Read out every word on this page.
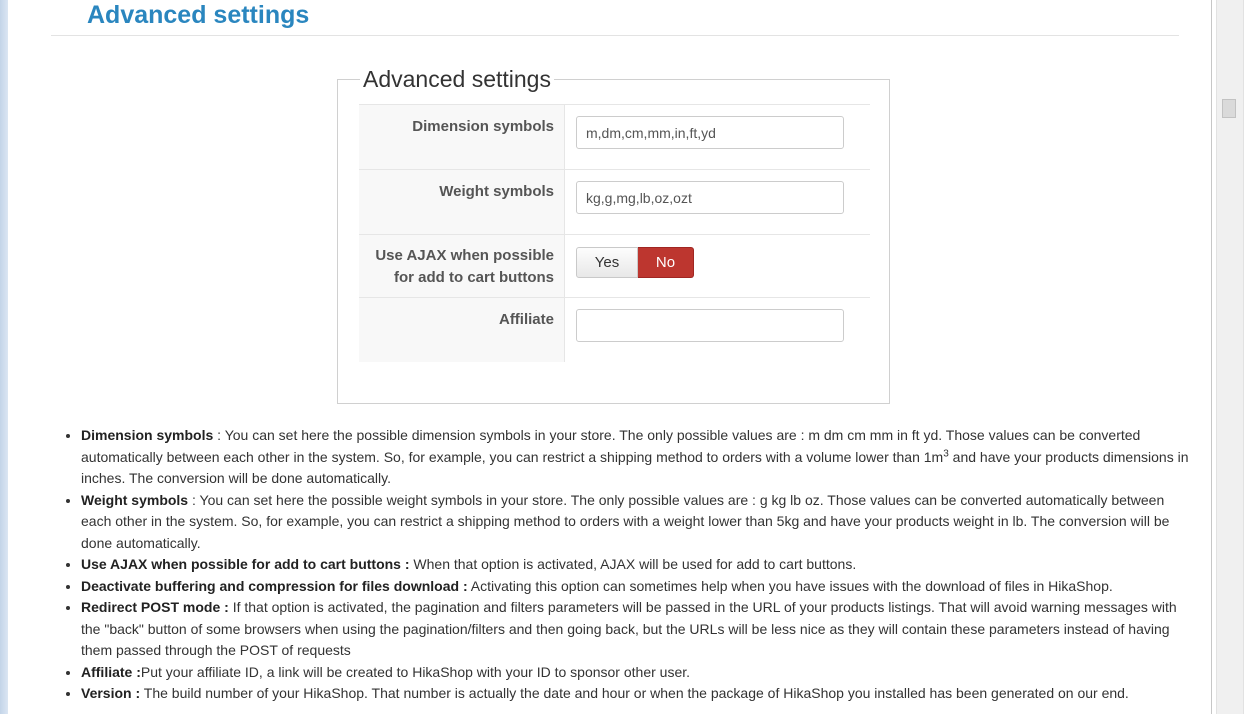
Advanced settings
Advanced settings
Dimension symbols
m,dm,cm,mm,in,ft,yd
Weight symbols
kg,g,mg,lb,oz,ozt
Use AJAX when possible
for add to cart buttons
Yes	No
Affiliate
• Dimension symbols : You can set here the possible dimension symbols in your store. The only possible values are : m dm cm mm in ft yd. Those values can be converted automatically between each other in the system. So, for example, you can restrict a shipping method to orders with a volume lower than $1m^3$ and have your products dimensions in inches. The conversion will be done automatically.
• Weight symbols : You can set here the possible weight symbols in your store. The only possible values are : g kg lb oz. Those values can be converted automatically between each other in the system. So, for example, you can restrict a shipping method to orders with a weight lower than 5kg and have your products weight in lb. The conversion will be done automatically.
• Use AJAX when possible for add to cart buttons : When that option is activated, AJAX will be used for add to cart buttons.
• Deactivate buffering and compression for files download : Activating this option can sometimes help when you have issues with the download of files in HikaShop.
• Redirect POST mode : If that option is activated, the pagination and filters parameters will be passed in the URL of your products listings. That will avoid warning messages with the "back" button of some browsers when using the pagination/filters and then going back, but the URLs will be less nice as they will contain these parameters instead of having them passed through the POST of requests
• Affiliate :Put your affiliate ID, a link will be created to HikaShop with your ID to sponsor other user.
• Version : The build number of your HikaShop. That number is actually the date and hour or when the package of HikaShop you installed has been generated on our end.
